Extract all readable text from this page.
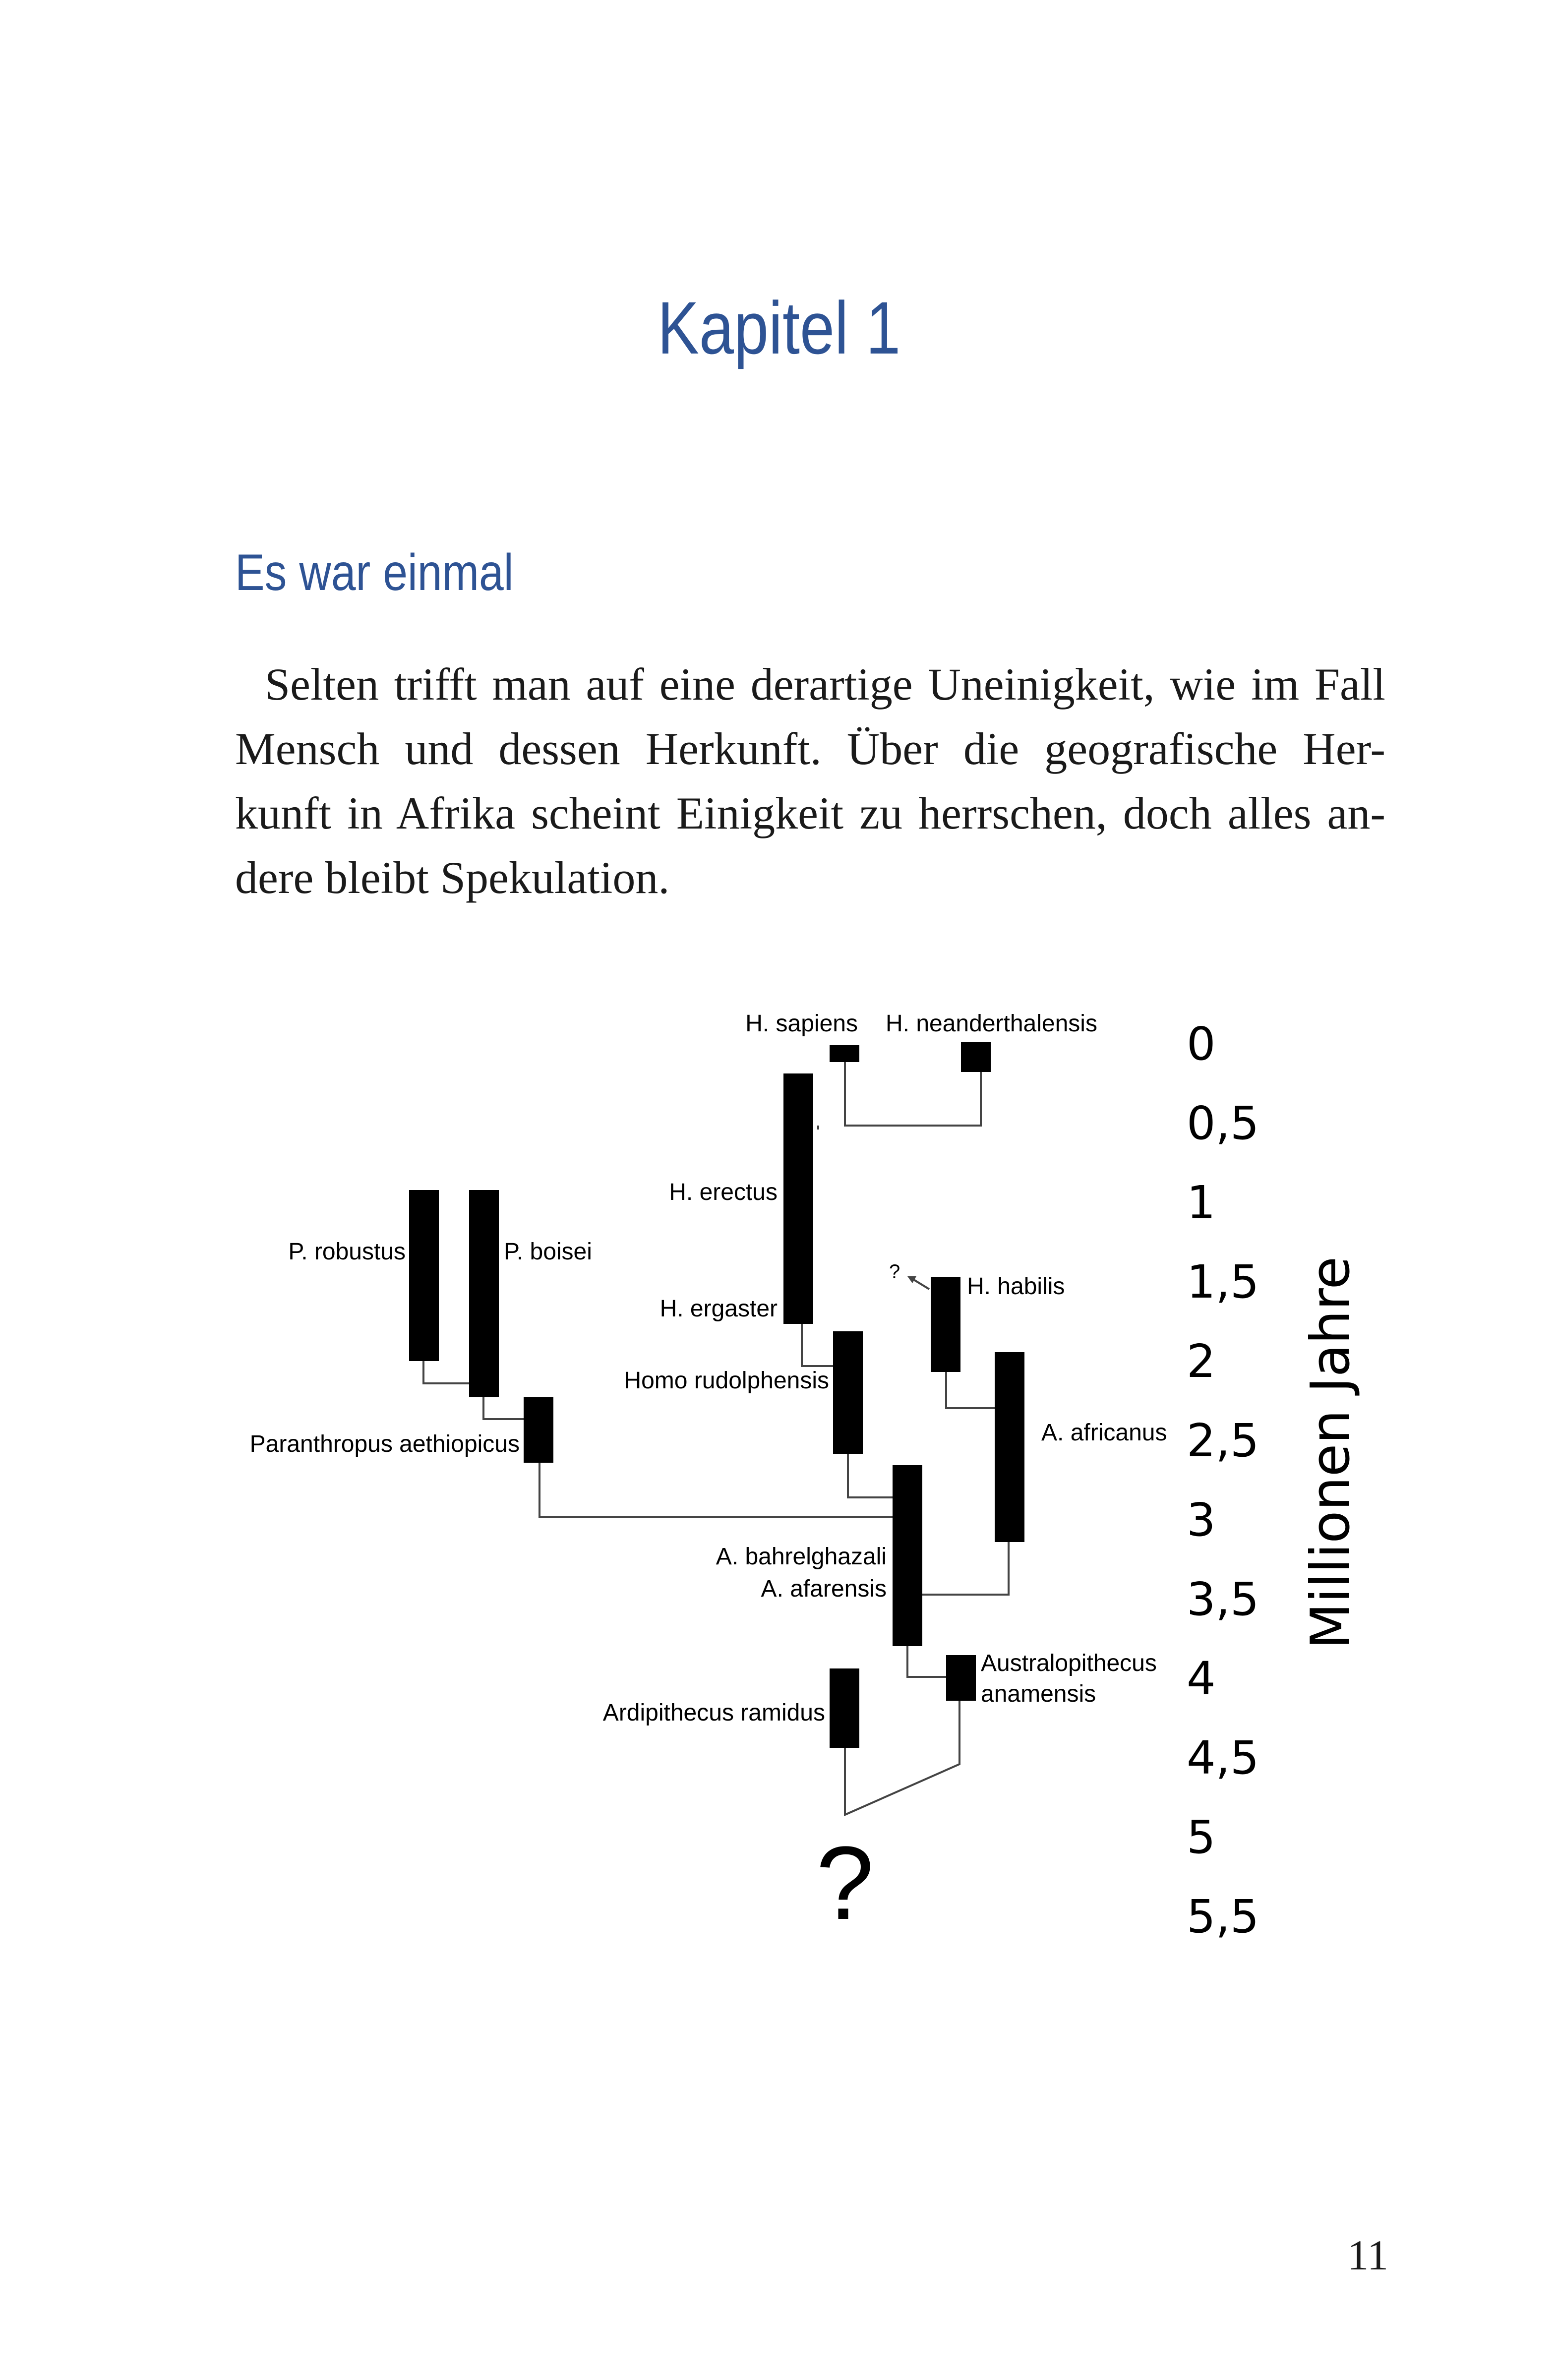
Kapitel 1
Es war einmal
Selten trifft man auf eine derartige Uneinigkeit, wie im Fall
Mensch und dessen Herkunft. Über die geografische Her-
kunft in Afrika scheint Einigkeit zu herrschen, doch alles an-
dere bleibt Spekulation.
?
H. sapiens H. neanderthalensis
H. erectus
H. ergaster
H. habilis
Homo rudolphensis
P. robustus	P. boisei
Paranthropus aethiopicus	A. africanus
A. bahrelghazali
A. afarensis
Australopithecus anamensis
Ardipithecus ramidus
?
0
0,5
1
1,5
2
2,5
3
3,5
4
4,5
5
5,5
Millionen Jahre
11
